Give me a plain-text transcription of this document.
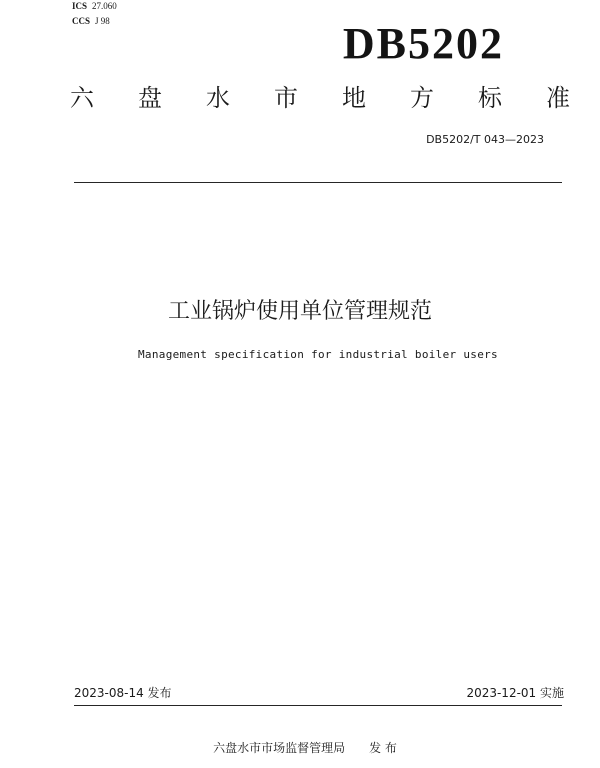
ICS 27.060
CCS J 98	DB5202
六 盘 水 市 地 方 标 准
DB5202/T 043—2023
工业锅炉使用单位管理规范
Management specification for industrial boiler users
2023-08-14 发布	2023-12-01 实施
六盘水市市场监督管理局 发 布
